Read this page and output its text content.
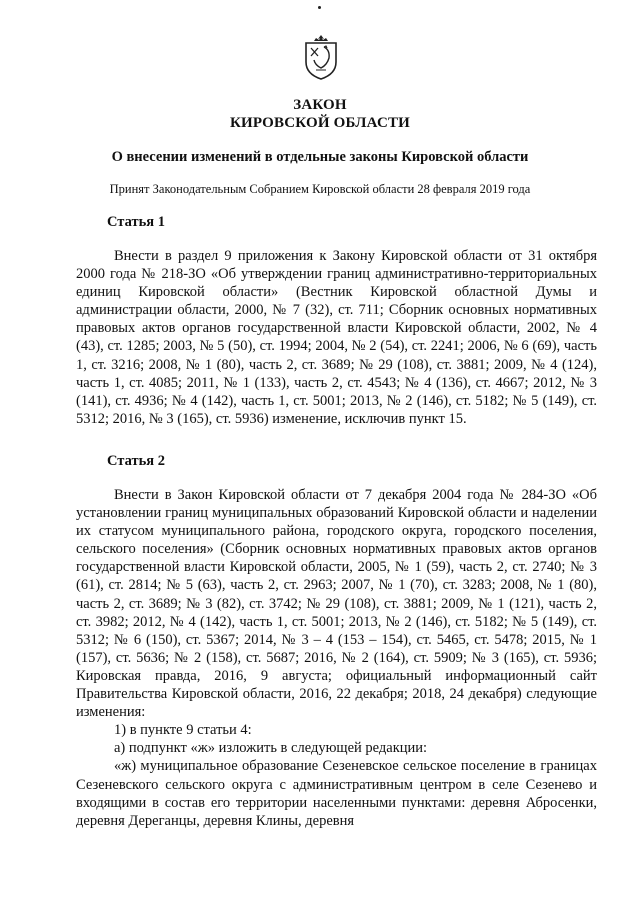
ЗАКОН
КИРОВСКОЙ ОБЛАСТИ
О внесении изменений в отдельные законы Кировской области
Принят Законодательным Собранием Кировской области 28 февраля 2019 года
Статья 1

Внести в раздел 9 приложения к Закону Кировской области от 31 октября 2000 года № 218-ЗО «Об утверждении границ административно-территориальных единиц Кировской области» (Вестник Кировской областной Думы и администрации области, 2000, № 7 (32), ст. 711; Сборник основных нормативных правовых актов органов государственной власти Кировской области, 2002, № 4 (43), ст. 1285; 2003, № 5 (50), ст. 1994; 2004, № 2 (54), ст. 2241; 2006, № 6 (69), часть 1, ст. 3216; 2008, № 1 (80), часть 2, ст. 3689; № 29 (108), ст. 3881; 2009, № 4 (124), часть 1, ст. 4085; 2011, № 1 (133), часть 2, ст. 4543; № 4 (136), ст. 4667; 2012, № 3 (141), ст. 4936; № 4 (142), часть 1, ст. 5001; 2013, № 2 (146), ст. 5182; № 5 (149), ст. 5312; 2016, № 3 (165), ст. 5936) изменение, исключив пункт 15.

Статья 2

Внести в Закон Кировской области от 7 декабря 2004 года № 284-ЗО «Об установлении границ муниципальных образований Кировской области и наделении их статусом муниципального района, городского округа, городского поселения, сельского поселения» (Сборник основных нормативных правовых актов органов государственной власти Кировской области, 2005, № 1 (59), часть 2, ст. 2740; № 3 (61), ст. 2814; № 5 (63), часть 2, ст. 2963; 2007, № 1 (70), ст. 3283; 2008, № 1 (80), часть 2, ст. 3689; № 3 (82), ст. 3742; № 29 (108), ст. 3881; 2009, № 1 (121), часть 2, ст. 3982; 2012, № 4 (142), часть 1, ст. 5001; 2013, № 2 (146), ст. 5182; № 5 (149), ст. 5312; № 6 (150), ст. 5367; 2014, № 3 – 4 (153 – 154), ст. 5465, ст. 5478; 2015, № 1 (157), ст. 5636; № 2 (158), ст. 5687; 2016, № 2 (164), ст. 5909; № 3 (165), ст. 5936; Кировская правда, 2016, 9 августа; официальный информационный сайт Правительства Кировской области, 2016, 22 декабря; 2018, 24 декабря) следующие изменения:

1) в пункте 9 статьи 4:

а) подпункт «ж» изложить в следующей редакции:

«ж) муниципальное образование Сезеневское сельское поселение в границах Сезеневского сельского округа с административным центром в селе Сезенево и входящими в состав его территории населенными пунктами: деревня Абросенки, деревня Дереганцы, деревня Клины, деревня
